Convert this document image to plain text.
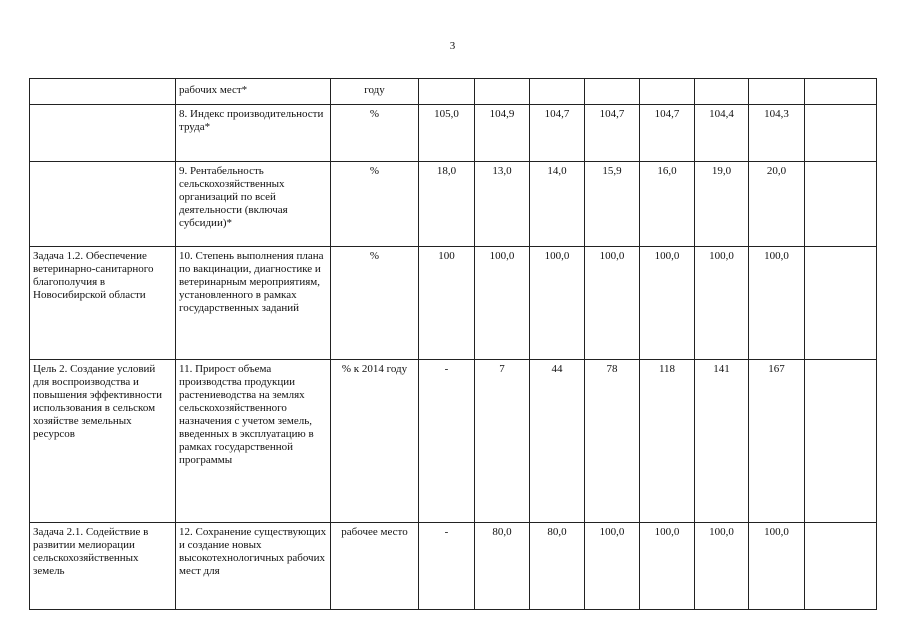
3
	рабочих мест*	году								
	8. Индекс производительности труда*	%	105,0	104,9	104,7	104,7	104,7	104,4	104,3	
	9. Рентабельность сельскохозяйственных организаций по всей деятельности (включая субсидии)*	%	18,0	13,0	14,0	15,9	16,0	19,0	20,0	
Задача 1.2. Обеспечение ветеринарно-санитарного благополучия в Новосибирской области	10. Степень выполнения плана по вакцинации, диагностике и ветеринарным мероприятиям, установленного в рамках государственных заданий	%	100	100,0	100,0	100,0	100,0	100,0	100,0	
Цель 2. Создание условий для воспроизводства и повышения эффективности использования в сельском хозяйстве земельных ресурсов	11. Прирост объема производства продукции растениеводства на землях сельскохозяйственного назначения с учетом земель, введенных в эксплуатацию в рамках государственной программы	% к 2014 году	-	7	44	78	118	141	167	
Задача 2.1. Содействие в развитии мелиорации сельскохозяйственных земель	12. Сохранение существующих и создание новых высокотехнологичных рабочих мест для	рабочее место	-	80,0	80,0	100,0	100,0	100,0	100,0	
